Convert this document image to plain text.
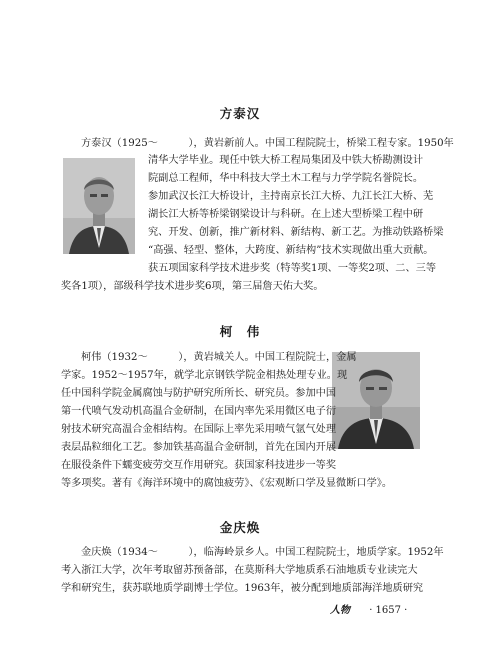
方泰汉
方泰汉（1925～　　　），黄岩新前人。中国工程院院士，桥梁工程专家。1950年
清华大学毕业。现任中铁大桥工程局集团及中铁大桥勘测设计
院副总工程师，华中科技大学土木工程与力学学院名誉院长。
参加武汉长江大桥设计，主持南京长江大桥、九江长江大桥、芜
湖长江大桥等桥梁钢梁设计与科研。在上述大型桥梁工程中研
究、开发、创新，推广新材料、新结构、新工艺。为推动铁路桥梁
“高强、轻型、整体，大跨度、新结构”技术实现做出重大贡献。
获五项国家科学技术进步奖（特等奖1项、一等奖2项、二、三等
奖各1项），部级科学技术进步奖6项，第三届詹天佑大奖。
柯　伟
柯伟（1932～　　　），黄岩城关人。中国工程院院士，金属
学家。1952～1957年，就学北京钢铁学院金相热处理专业。现
任中国科学院金属腐蚀与防护研究所所长、研究员。参加中国
第一代喷气发动机高温合金研制，在国内率先采用微区电子衍
射技术研究高温合金相结构。在国际上率先采用喷气氩气处理
表层晶粒细化工艺。参加铁基高温合金研制，首先在国内开展
在服役条件下蠕变疲劳交互作用研究。获国家科技进步一等奖
等多项奖。著有《海洋环境中的腐蚀疲劳》、《宏观断口学及显微断口学》。
金庆焕
金庆焕（1934～　　　），临海岭景乡人。中国工程院院士，地质学家。1952年
考入浙江大学，次年考取留苏预备部，在莫斯科大学地质系石油地质专业读完大
学和研究生，获苏联地质学副博士学位。1963年，被分配到地质部海洋地质研究
人物 · 1657 ·
